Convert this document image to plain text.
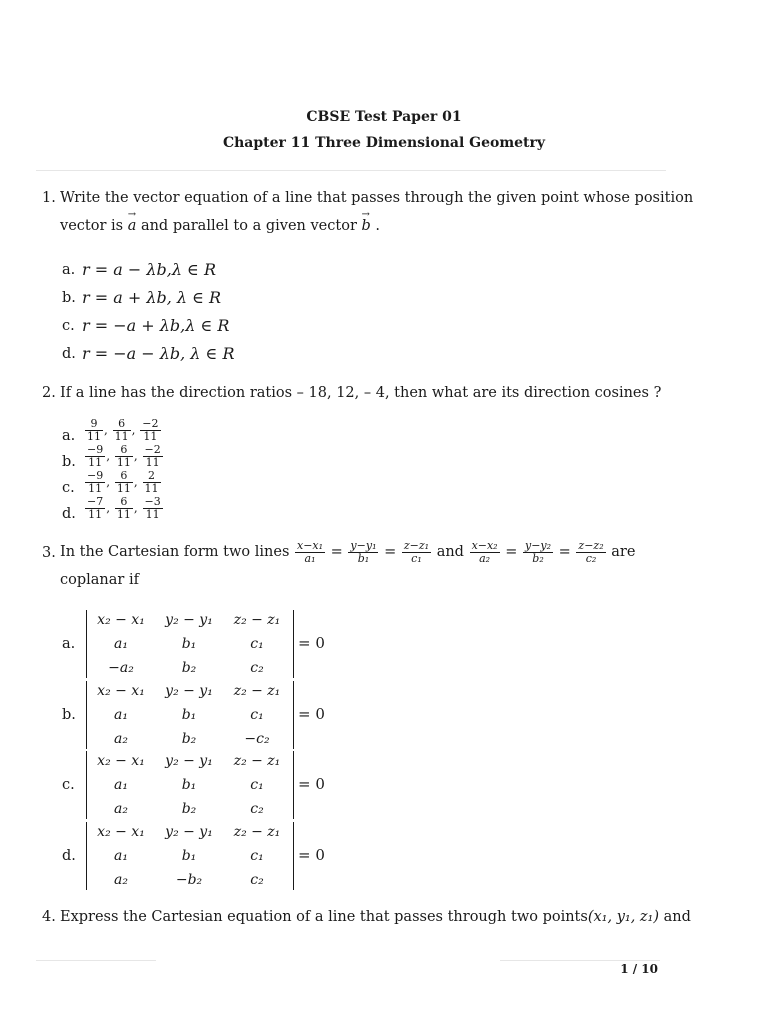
CBSE Test Paper 01
Chapter 11 Three Dimensional Geometry
1. Write the vector equation of a line that passes through the given point whose position
vector is → a and parallel to a given vector → b .
a. r = a − λb,λ ∈ R
b. r = a + λb, λ ∈ R
c. r = −a + λb,λ ∈ R
d. r = −a − λb, λ ∈ R
2. If a line has the direction ratios – 18, 12, – 4, then what are its direction cosines ?
a. $\frac{9}{11}$ , $\frac{6}{11}$ , $\frac{-2}{11}$
b. $\frac{-9}{11}$ , $\frac{6}{11}$ , $\frac{-2}{11}$
c. $\frac{-9}{11}$ , $\frac{6}{11}$ , $\frac{2}{11}$
d. $\frac{-7}{11}$ , $\frac{6}{11}$ , $\frac{-3}{11}$
3. In the Cartesian form two lines $\frac{\text{x−x₁}}{\text{a₁}} = \frac{\text{y−y₁}}{\text{b₁}} = \frac{\text{z−z₁}}{\text{c₁}}$ and $\frac{\text{x−x₂}}{\text{a₂}} = \frac{\text{y−y₂}}{\text{b₂}} = \frac{\text{z−z₂}}{\text{c₂}}$ are
coplanar if
a.
x₂ − x₁	y₂ − y₁	z₂ − z₁
a₁	b₁	c₁
−a₂	b₂	c₂
= 0
b.
x₂ − x₁	y₂ − y₁	z₂ − z₁
a₁	b₁	c₁
a₂	b₂	−c₂
= 0
c.
x₂ − x₁	y₂ − y₁	z₂ − z₁
a₁	b₁	c₁
a₂	b₂	c₂
= 0
d.
x₂ − x₁	y₂ − y₁	z₂ − z₁
a₁	b₁	c₁
a₂	−b₂	c₂
= 0
4. Express the Cartesian equation of a line that passes through two points(x₁, y₁, z₁) and
1 / 10
